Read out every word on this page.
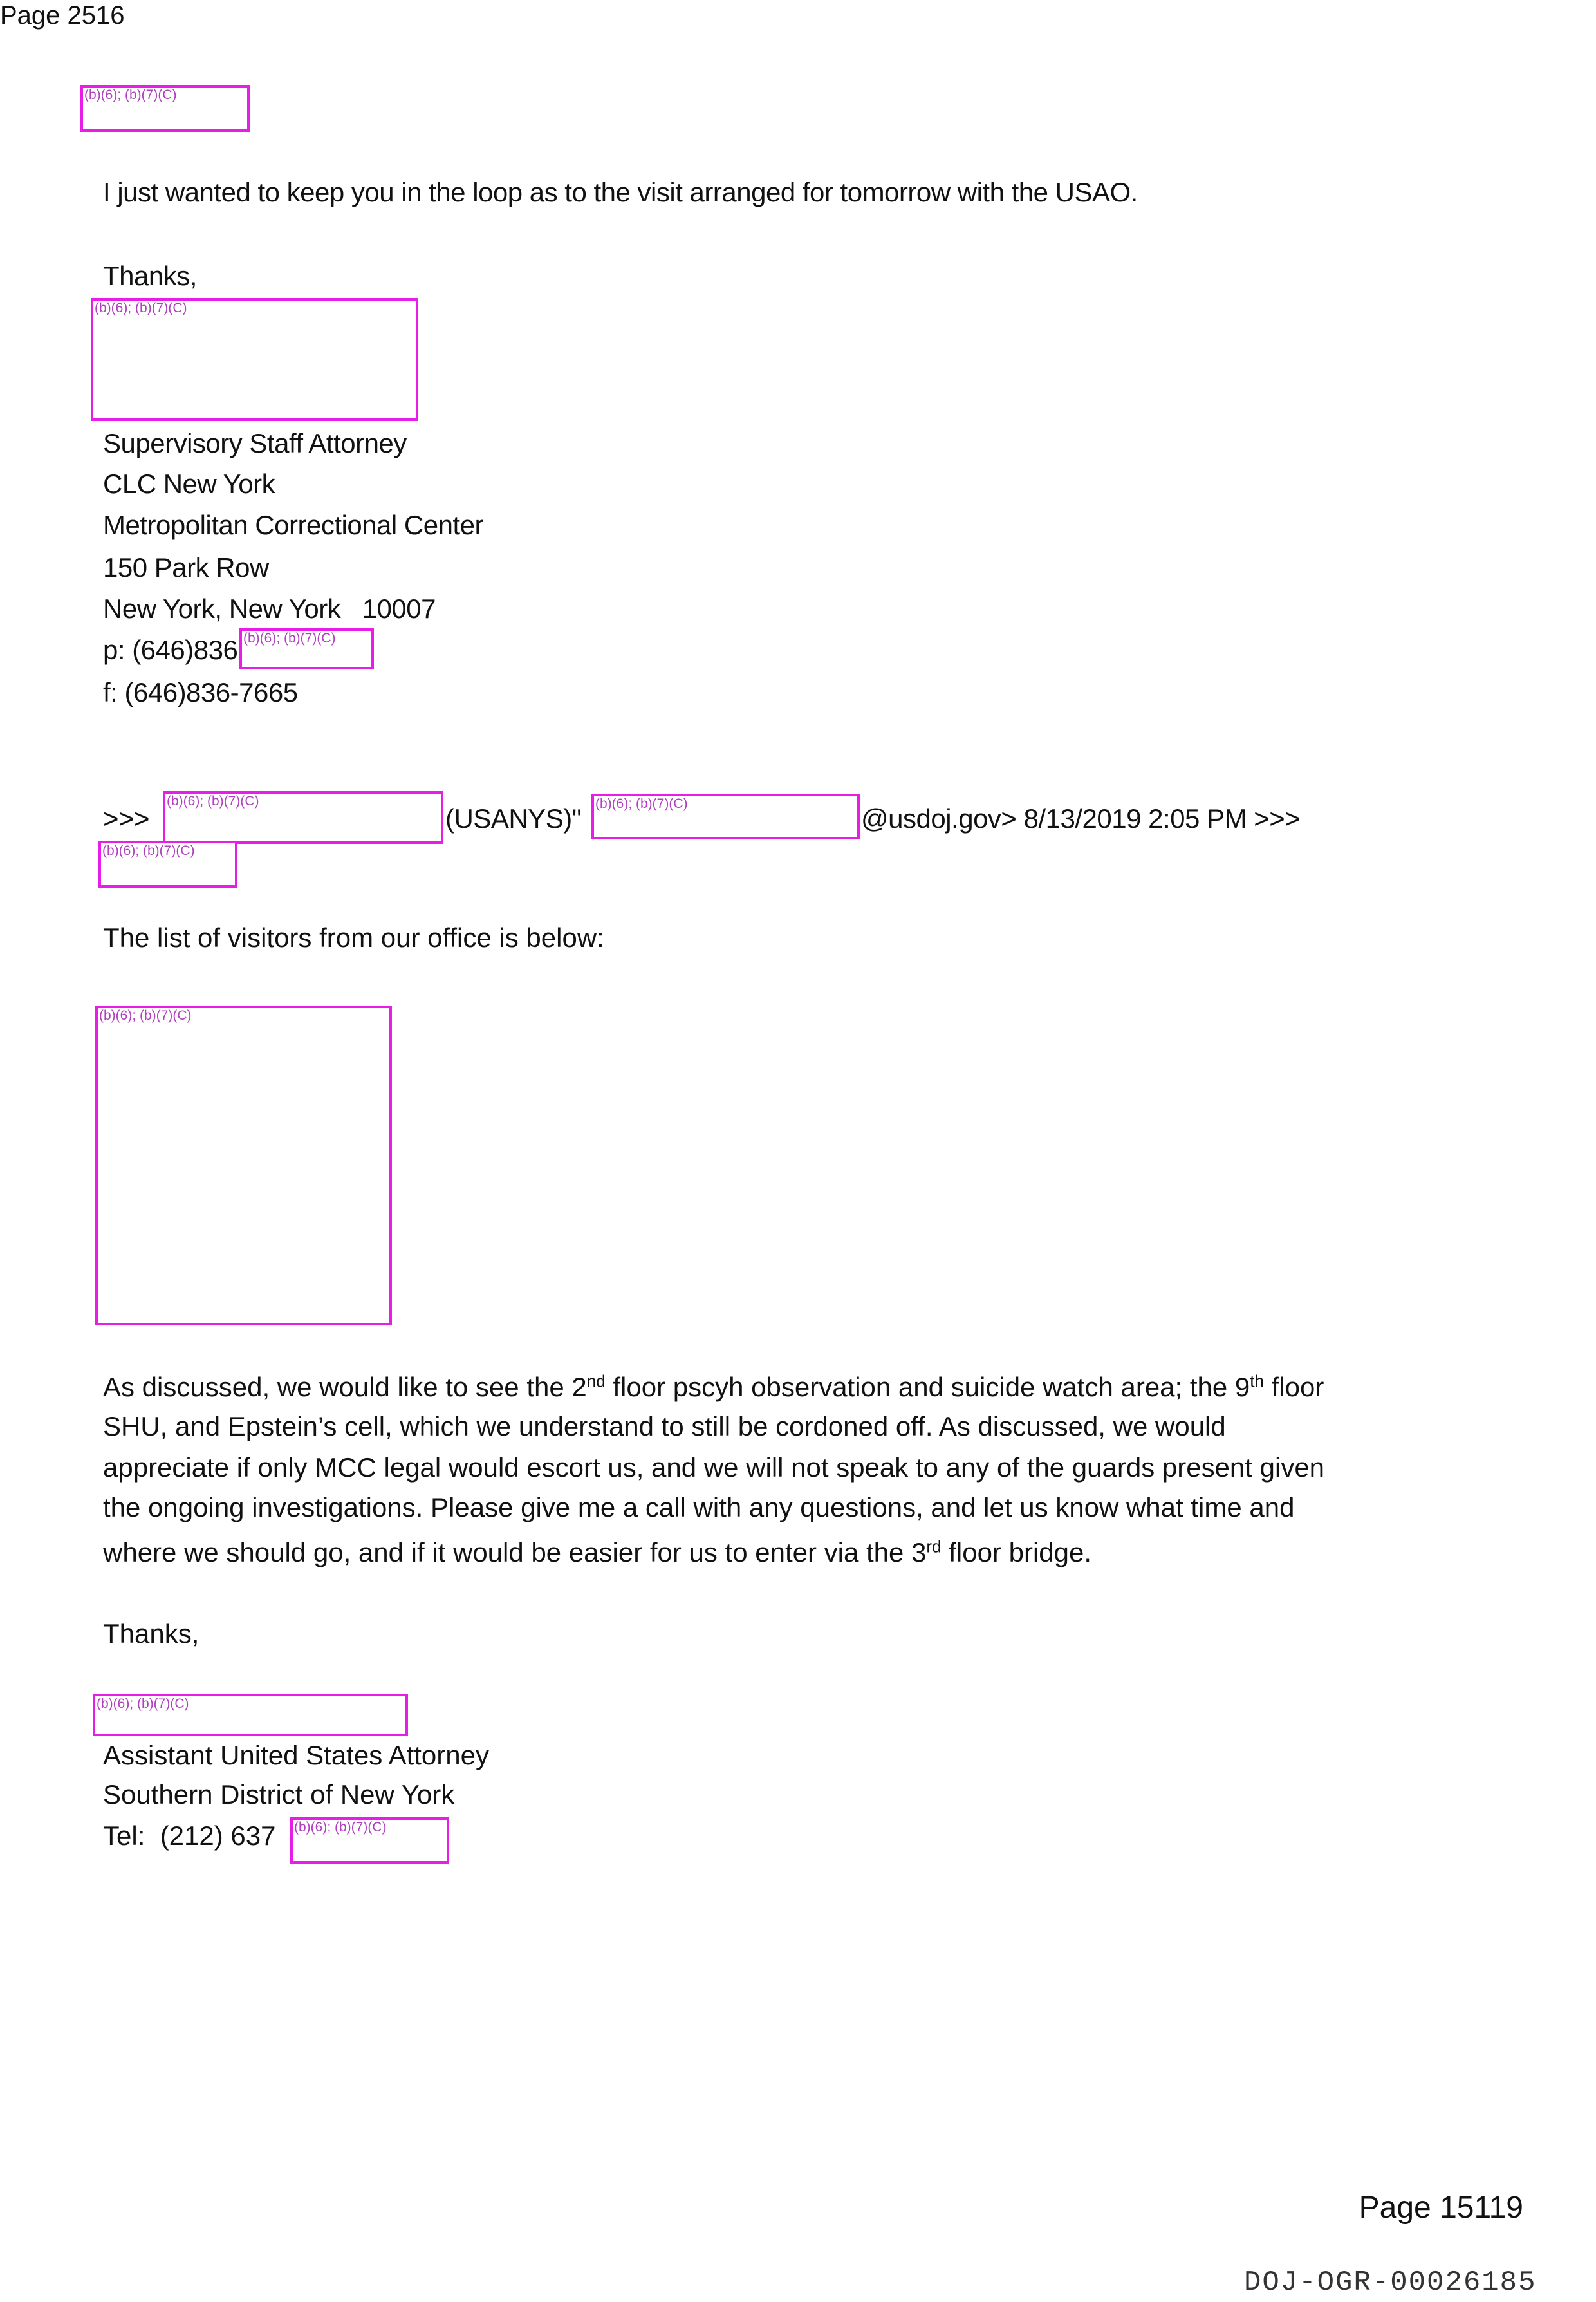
Page 2516
(b)(6); (b)(7)(C)
I just wanted to keep you in the loop as to the visit arranged for tomorrow with the USAO.
Thanks,
(b)(6); (b)(7)(C)
Supervisory Staff Attorney
CLC New York
Metropolitan Correctional Center
150 Park Row
New York, New York   10007
p: (646)836 (b)(6); (b)(7)(C)
f: (646)836-7665
>>>
(b)(6); (b)(7)(C)
(USANYS)" (b)(6); (b)(7)(C)	@usdoj.gov> 8/13/2019 2:05 PM >>>
(b)(6); (b)(7)(C)
The list of visitors from our office is below:
(b)(6); (b)(7)(C)
As discussed, we would like to see the 2nd floor pscyh observation and suicide watch area; the 9th floor
SHU, and Epstein’s cell, which we understand to still be cordoned off. As discussed, we would
appreciate if only MCC legal would escort us, and we will not speak to any of the guards present given
the ongoing investigations. Please give me a call with any questions, and let us know what time and
where we should go, and if it would be easier for us to enter via the 3rd floor bridge.
Thanks,
(b)(6); (b)(7)(C)
Assistant United States Attorney
Southern District of New York
Tel:  (212) 637 (b)(6); (b)(7)(C)
Page 15119
DOJ-OGR-00026185
